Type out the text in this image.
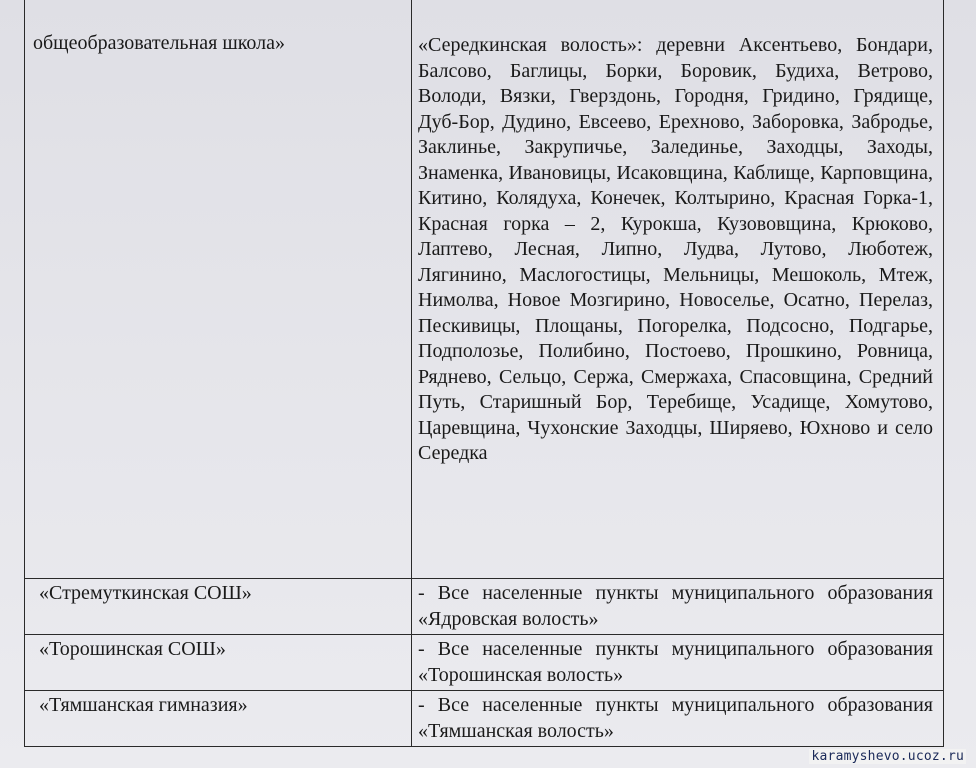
общеобразовательная школа»	«Середкинская волость»: деревни Аксентьево, Бондари, Балсово, Баглицы, Борки, Боровик, Будиха, Ветрово, Володи, Вязки, Гверздонь, Городня, Гридино, Грядище, Дуб-Бор, Дудино, Евсеево, Ерехново, Заборовка, Забродье, Заклинье, Закрупичье, Залединье, Заходцы, Заходы, Знаменка, Ивановицы, Исаковщина, Каблище, Карповщина, Китино, Колядуха, Конечек, Колтырино, Красная Горка-1, Красная горка – 2, Курокша, Кузововщина, Крюково, Лаптево, Лесная, Липно, Лудва, Лутово, Люботеж, Лягинино, Маслогостицы, Мельницы, Мешоколь, Мтеж, Нимолва, Новое Мозгирино, Новоселье, Осатно, Перелаз, Пескивицы, Площаны, Погорелка, Подсосно, Подгарье, Подполозье, Полибино, Постоево, Прошкино, Ровница, Ряднево, Сельцо, Сержа, Смержаха, Спасовщина, Средний Путь, Старишный Бор, Теребище, Усадище, Хомутово, Царевщина, Чухонские Заходцы, Ширяево, Юхново и село Середка
«Стремуткинская СОШ»	- Все населенные пункты муниципального образования «Ядровская волость»
«Торошинская СОШ»	- Все населенные пункты муниципального образования «Торошинская волость»
«Тямшанская гимназия»	- Все населенные пункты муниципального образования «Тямшанская волость»
karamyshevo.ucoz.ru
